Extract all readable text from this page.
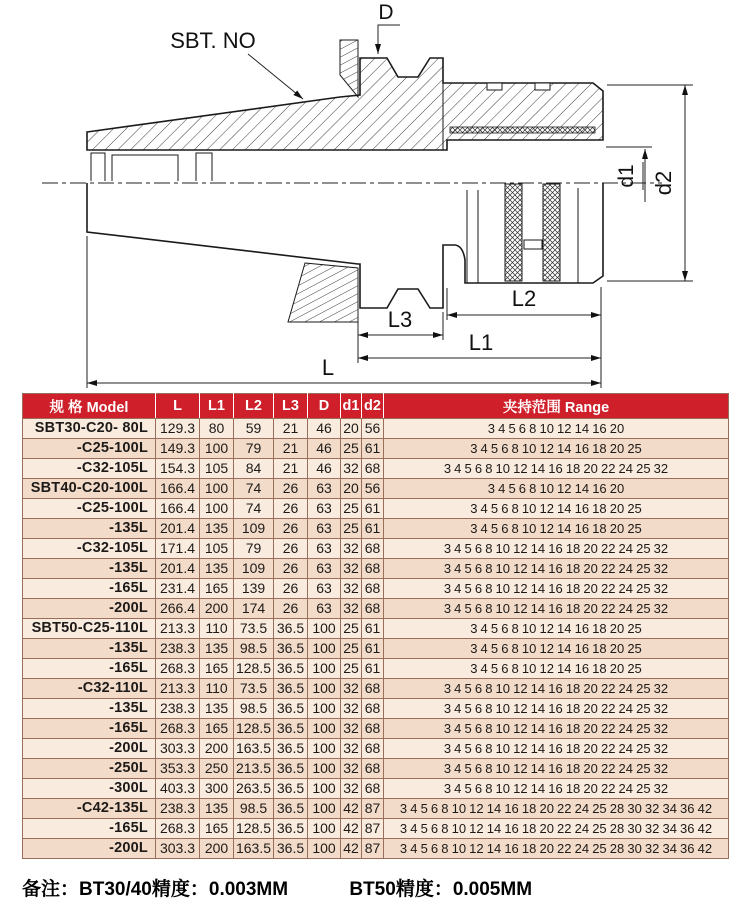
D
SBT. NO
d1 d2
L2
L3
L1
L
规 格 Model	L	L1	L2	L3	D	d1	d2	夹持范围 Range
SBT30-C20- 80L	129.3	80	59	21	46	20	56	3 4 5 6 8 10 12 14 16 20
-C25-100L	149.3	100	79	21	46	25	61	3 4 5 6 8 10 12 14 16 18 20 25
-C32-105L	154.3	105	84	21	46	32	68	3 4 5 6 8 10 12 14 16 18 20 22 24 25 32
SBT40-C20-100L	166.4	100	74	26	63	20	56	3 4 5 6 8 10 12 14 16 20
-C25-100L	166.4	100	74	26	63	25	61	3 4 5 6 8 10 12 14 16 18 20 25
-135L	201.4	135	109	26	63	25	61	3 4 5 6 8 10 12 14 16 18 20 25
-C32-105L	171.4	105	79	26	63	32	68	3 4 5 6 8 10 12 14 16 18 20 22 24 25 32
-135L	201.4	135	109	26	63	32	68	3 4 5 6 8 10 12 14 16 18 20 22 24 25 32
-165L	231.4	165	139	26	63	32	68	3 4 5 6 8 10 12 14 16 18 20 22 24 25 32
-200L	266.4	200	174	26	63	32	68	3 4 5 6 8 10 12 14 16 18 20 22 24 25 32
SBT50-C25-110L	213.3	110	73.5	36.5	100	25	61	3 4 5 6 8 10 12 14 16 18 20 25
-135L	238.3	135	98.5	36.5	100	25	61	3 4 5 6 8 10 12 14 16 18 20 25
-165L	268.3	165	128.5	36.5	100	25	61	3 4 5 6 8 10 12 14 16 18 20 25
-C32-110L	213.3	110	73.5	36.5	100	32	68	3 4 5 6 8 10 12 14 16 18 20 22 24 25 32
-135L	238.3	135	98.5	36.5	100	32	68	3 4 5 6 8 10 12 14 16 18 20 22 24 25 32
-165L	268.3	165	128.5	36.5	100	32	68	3 4 5 6 8 10 12 14 16 18 20 22 24 25 32
-200L	303.3	200	163.5	36.5	100	32	68	3 4 5 6 8 10 12 14 16 18 20 22 24 25 32
-250L	353.3	250	213.5	36.5	100	32	68	3 4 5 6 8 10 12 14 16 18 20 22 24 25 32
-300L	403.3	300	263.5	36.5	100	32	68	3 4 5 6 8 10 12 14 16 18 20 22 24 25 32
-C42-135L	238.3	135	98.5	36.5	100	42	87	3 4 5 6 8 10 12 14 16 18 20 22 24 25 28 30 32 34 36 42
-165L	268.3	165	128.5	36.5	100	42	87	3 4 5 6 8 10 12 14 16 18 20 22 24 25 28 30 32 34 36 42
-200L	303.3	200	163.5	36.5	100	42	87	3 4 5 6 8 10 12 14 16 18 20 22 24 25 28 30 32 34 36 42
备注：BT30/40精度：0.003MM	BT50精度：0.005MM
